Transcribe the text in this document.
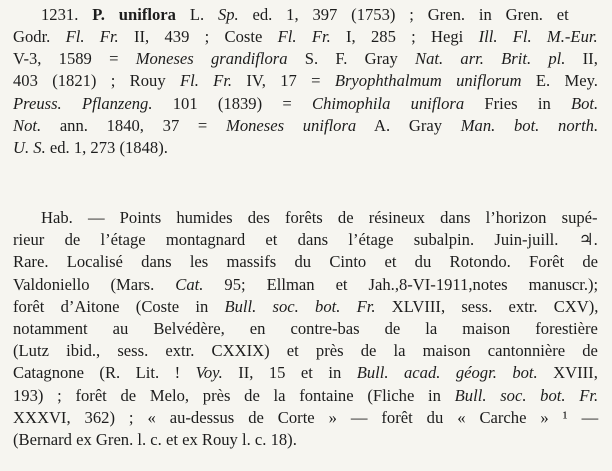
1231. P. uniflora L. Sp. ed. 1, 397 (1753) ; Gren. in Gren. et
Godr. Fl. Fr. II, 439 ; Coste Fl. Fr. I, 285 ; Hegi Ill. Fl. M.-Eur.
V-3, 1589 = Moneses grandiflora S. F. Gray Nat. arr. Brit. pl. II,
403 (1821) ; Rouy Fl. Fr. IV, 17 = Bryophthalmum uniflorum E. Mey.
Preuss. Pflanzeng. 101 (1839) = Chimophila uniflora Fries in Bot.
Not. ann. 1840, 37 = Moneses uniflora A. Gray Man. bot. north.
U. S. ed. 1, 273 (1848).
Hab. — Points humides des forêts de résineux dans l’horizon supé-
rieur de l’étage montagnard et dans l’étage subalpin. Juin-juill. ♃.
Rare. Localisé dans les massifs du Cinto et du Rotondo. Forêt de
Valdoniello (Mars. Cat. 95; Ellman et Jah.,8-VI-1911,notes manuscr.);
forêt d’Aitone (Coste in Bull. soc. bot. Fr. XLVIII, sess. extr. CXV),
notamment au Belvédère, en contre-bas de la maison forestière
(Lutz ibid., sess. extr. CXXIX) et près de la maison cantonnière de
Catagnone (R. Lit. ! Voy. II, 15 et in Bull. acad. géogr. bot. XVIII,
193) ; forêt de Melo, près de la fontaine (Fliche in Bull. soc. bot. Fr.
XXXVI, 362) ; « au-dessus de Corte » — forêt du « Carche » ¹ —
(Bernard ex Gren. l. c. et ex Rouy l. c. 18).
